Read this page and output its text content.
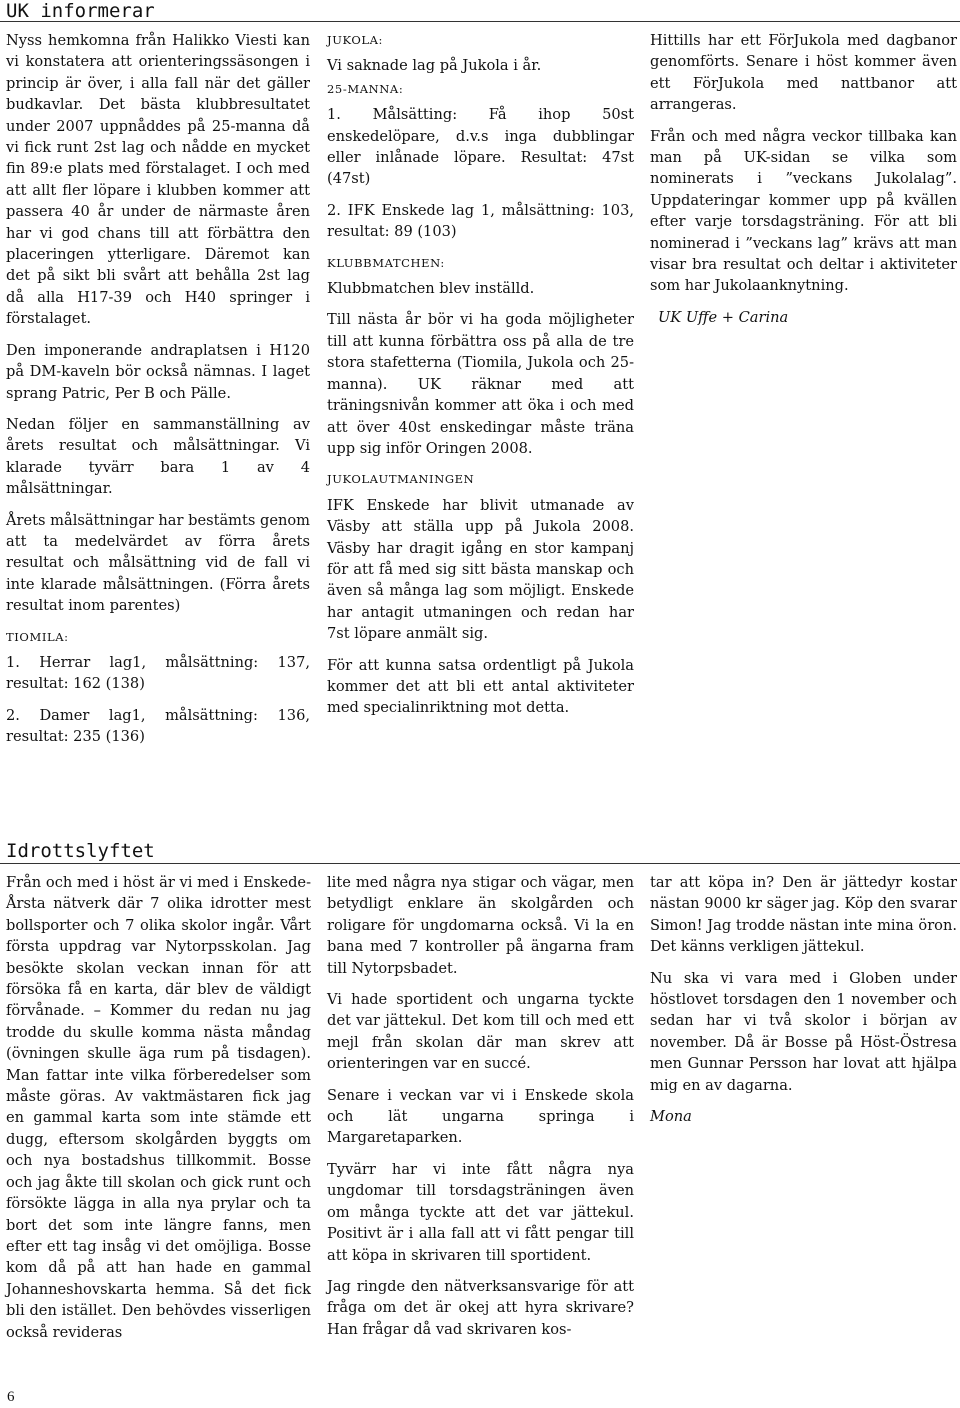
UK informerar

Nyss hemkomna från Halikko Viesti kan vi konstatera att orienteringssäsongen i princip är över, i alla fall när det gäller budkavlar. Det bästa klubbresultatet under 2007 uppnåddes på 25-manna då vi fick runt 2st lag och nådde en mycket fin 89:e plats med förstalaget. I och med att allt fler löpare i klubben kommer att passera 40 år under de närmaste åren har vi god chans till att förbättra den placeringen ytterligare. Däremot kan det på sikt bli svårt att behålla 2st lag då alla H17-39 och H40 springer i förstalaget.

Den imponerande andraplatsen i H120 på DM-kaveln bör också nämnas. I laget sprang Patric, Per B och Pälle.

Nedan följer en sammanställning av årets resultat och målsättningar. Vi klarade tyvärr bara 1 av 4 målsättningar.

Årets målsättningar har bestämts genom att ta medelvärdet av förra årets resultat och målsättning vid de fall vi inte klarade målsättningen. (Förra årets resultat inom parentes)

TIOMILA:

1. Herrar lag1, målsättning: 137, resultat: 162 (138)

2. Damer lag1, målsättning: 136, resultat: 235 (136)

JUKOLA:

Vi saknade lag på Jukola i år.

25-MANNA:

1. Målsätting: Få ihop 50st enskedelöpare, d.v.s inga dubblingar eller inlånade löpare. Resultat: 47st (47st)

2. IFK Enskede lag 1, målsättning: 103, resultat: 89 (103)

KLUBBMATCHEN:

Klubbmatchen blev inställd.

Till nästa år bör vi ha goda möjligheter till att kunna förbättra oss på alla de tre stora stafetterna (Tiomila, Jukola och 25-manna). UK räknar med att träningsnivån kommer att öka i och med att över 40st enskedingar måste träna upp sig inför Oringen 2008.

JUKOLAUTMANINGEN

IFK Enskede har blivit utmanade av Väsby att ställa upp på Jukola 2008. Väsby har dragit igång en stor kampanj för att få med sig sitt bästa manskap och även så många lag som möjligt. Enskede har antagit utmaningen och redan har 7st löpare anmält sig.

För att kunna satsa ordentligt på Jukola kommer det att bli ett antal aktiviteter med specialinriktning mot detta.

Hittills har ett FörJukola med dagbanor genomförts. Senare i höst kommer även ett FörJukola med nattbanor att arrangeras.

Från och med några veckor tillbaka kan man på UK-sidan se vilka som nominerats i ”veckans Jukolalag”. Uppdateringar kommer upp på kvällen efter varje torsdagsträning. För att bli nominerad i ”veckans lag” krävs att man visar bra resultat och deltar i aktiviteter som har Jukolaanknytning.

UK Uffe + Carina

Idrottslyftet

Från och med i höst är vi med i Enskede-Årsta nätverk där 7 olika idrotter mest bollsporter och 7 olika skolor ingår. Vårt första uppdrag var Nytorpsskolan. Jag besökte skolan veckan innan för att försöka få en karta, där blev de väldigt förvånade. – Kommer du redan nu jag trodde du skulle komma nästa måndag (övningen skulle äga rum på tisdagen). Man fattar inte vilka förberedelser som måste göras. Av vaktmästaren fick jag en gammal karta som inte stämde ett dugg, eftersom skolgården byggts om och nya bostadshus tillkommit. Bosse och jag åkte till skolan och gick runt och försökte lägga in alla nya prylar och ta bort det som inte längre fanns, men efter ett tag insåg vi det omöjliga. Bosse kom då på att han hade en gammal Johanneshovskarta hemma. Så det fick bli den istället. Den behövdes visserligen också revideras

lite med några nya stigar och vägar, men betydligt enklare än skolgården och roligare för ungdomarna också. Vi la en bana med 7 kontroller på ängarna fram till Nytorpsbadet.

Vi hade sportident och ungarna tyckte det var jättekul. Det kom till och med ett mejl från skolan där man skrev att orienteringen var en succé.

Senare i veckan var vi i Enskede skola och lät ungarna springa i Margaretaparken.

Tyvärr har vi inte fått några nya ungdomar till torsdagsträningen även om många tyckte att det var jättekul. Positivt är i alla fall att vi fått pengar till att köpa in skrivaren till sportident.

Jag ringde den nätverksansvarige för att fråga om det är okej att hyra skrivare? Han frågar då vad skrivaren kos-

tar att köpa in? Den är jättedyr kostar nästan 9000 kr säger jag. Köp den svarar Simon! Jag trodde nästan inte mina öron. Det känns verkligen jättekul.

Nu ska vi vara med i Globen under höstlovet torsdagen den 1 november och sedan har vi två skolor i början av november. Då är Bosse på Höst-Östresa men Gunnar Persson har lovat att hjälpa mig en av dagarna.

Mona

6
